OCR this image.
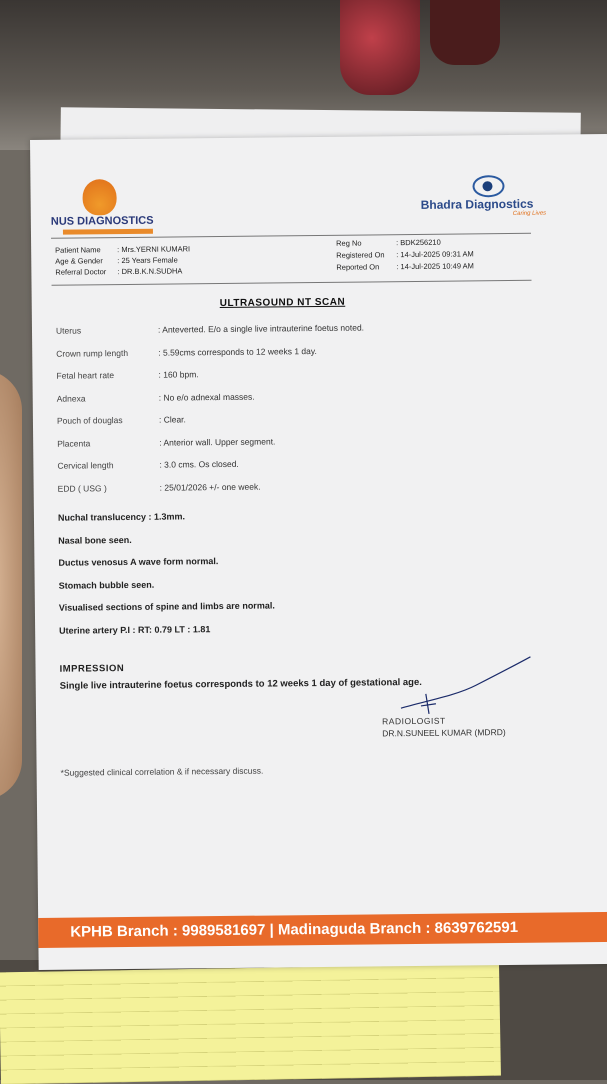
NUS DIAGNOSTICS
Bhadra Diagnostics
Caring Lives
Patient Name : Mrs.YERNI KUMARI
Age & Gender : 25 Years Female
Referral Doctor : DR.B.K.N.SUDHA
Reg No	: BDK256210
Registered On : 14-Jul-2025 09:31 AM
Reported On : 14-Jul-2025 10:49 AM
ULTRASOUND NT SCAN
Uterus	: Anteverted. E/o a single live intrauterine foetus noted.
Crown rump length	: 5.59cms corresponds to 12 weeks 1 day.
Fetal heart rate	: 160 bpm.
Adnexa	: No e/o adnexal masses.
Pouch of douglas	: Clear.
Placenta	: Anterior wall. Upper segment.
Cervical length	: 3.0 cms. Os closed.
EDD ( USG )	: 25/01/2026 +/- one week.
Nuchal translucency : 1.3mm.
Nasal bone seen.
Ductus venosus A wave form normal.
Stomach bubble seen.
Visualised sections of spine and limbs are normal.
Uterine artery P.I : RT: 0.79 LT : 1.81
IMPRESSION
Single live intrauterine foetus corresponds to 12 weeks 1 day of gestational age.
RADIOLOGIST
DR.N.SUNEEL KUMAR (MDRD)
*Suggested clinical correlation & if necessary discuss.
KPHB Branch : 9989581697 | Madinaguda Branch : 8639762591
